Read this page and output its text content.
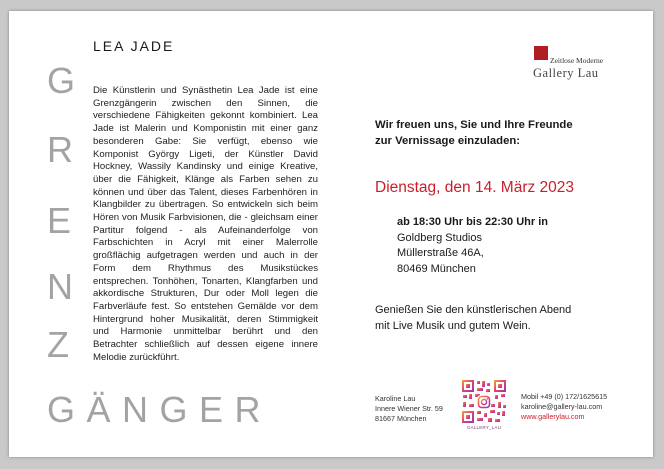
G
R
E
N
Z
LEA JADE
Die Künstlerin und Synästhetin Lea Jade ist eine Grenzgängerin zwischen den Sinnen, die verschiedene Fähigkeiten gekonnt kombiniert. Lea Jade ist Malerin und Komponistin mit einer ganz besonderen Gabe: Sie verfügt, ebenso wie Komponist György Ligeti, der Künstler David Hockney, Wassily Kandinsky und einige Kreative, über die Fähigkeit, Klänge als Farben sehen zu können und über das Talent, dieses Farbenhören in Klangbilder zu übertragen. So entwickeln sich beim Hören von Musik Farbvisionen, die - gleichsam einer Partitur folgend - als Aufeinanderfolge von Farbschichten in Acryl mit einer Malerrolle großflächig aufgetragen werden und auch in der Form dem Rhythmus des Musikstückes entsprechen. Tonhöhen, Tonarten, Klangfarben und akkordische Strukturen, Dur oder Moll legen die Farbverläufe fest. So entstehen Gemälde vor dem Hintergrund hoher Musikalität, deren Stimmigkeit und Harmonie unmittelbar berührt und den Betrachter schließlich auf dessen eigene innere Melodie zurückführt.
GÄNGER
Zeitlose Moderne
Gallery Lau
Wir freuen uns, Sie und Ihre Freunde
zur Vernissage einzuladen:
Dienstag, den 14. März 2023
ab 18:30 Uhr bis 22:30 Uhr in
Goldberg Studios
Müllerstraße 46A,
80469 München
Genießen Sie den künstlerischen Abend
mit Live Musik und gutem Wein.
Karoline Lau
Innere Wiener Str. 59
81667 München
GALLERY_LAU
Mobil +49 (0) 172/1625615
karoline@gallery-lau.com
www.gallerylau.com
